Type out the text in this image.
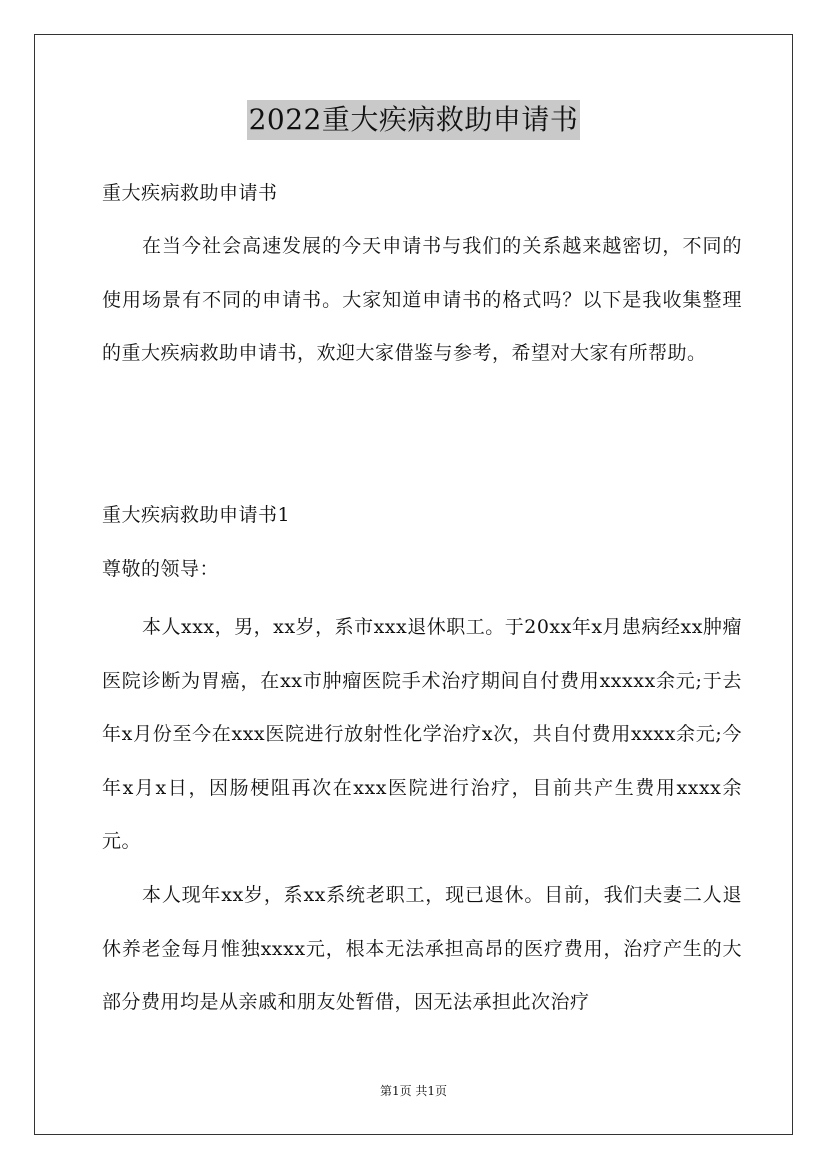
2022重大疾病救助申请书

重大疾病救助申请书

在当今社会高速发展的今天申请书与我们的关系越来越密切，不同的使用场景有不同的申请书。大家知道申请书的格式吗？以下是我收集整理的重大疾病救助申请书，欢迎大家借鉴与参考，希望对大家有所帮助。

重大疾病救助申请书1

尊敬的领导：

本人xxx，男，xx岁，系市xxx退休职工。于20xx年x月患病经xx肿瘤医院诊断为胃癌，在xx市肿瘤医院手术治疗期间自付费用xxxxx余元;于去年x月份至今在xxx医院进行放射性化学治疗x次，共自付费用xxxx余元;今年x月x日，因肠梗阻再次在xxx医院进行治疗，目前共产生费用xxxx余元。

本人现年xx岁，系xx系统老职工，现已退休。目前，我们夫妻二人退休养老金每月惟独xxxx元，根本无法承担高昂的医疗费用，治疗产生的大部分费用均是从亲戚和朋友处暂借，因无法承担此次治疗

第1页 共1页
